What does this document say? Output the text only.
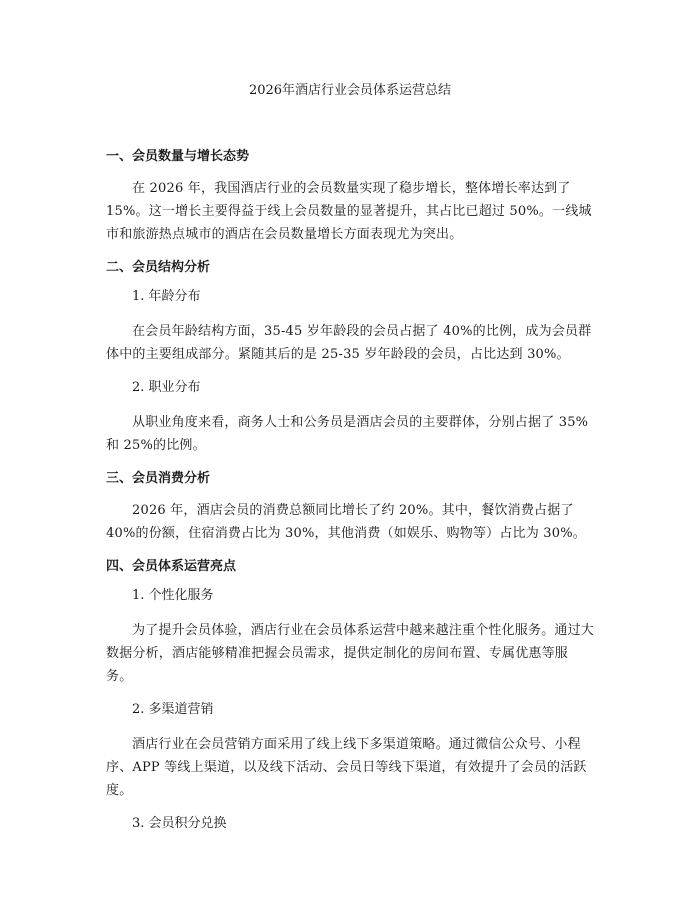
2026年酒店行业会员体系运营总结
一、会员数量与增长态势

在 2026 年，我国酒店行业的会员数量实现了稳步增长，整体增长率达到了 15%。这一增长主要得益于线上会员数量的显著提升，其占比已超过 50%。一线城市和旅游热点城市的酒店在会员数量增长方面表现尤为突出。

二、会员结构分析
1. 年龄分布

在会员年龄结构方面，35-45 岁年龄段的会员占据了 40%的比例，成为会员群体中的主要组成部分。紧随其后的是 25-35 岁年龄段的会员，占比达到 30%。

2. 职业分布

从职业角度来看，商务人士和公务员是酒店会员的主要群体，分别占据了 35%和 25%的比例。

三、会员消费分析

2026 年，酒店会员的消费总额同比增长了约 20%。其中，餐饮消费占据了 40%的份额，住宿消费占比为 30%，其他消费（如娱乐、购物等）占比为 30%。

四、会员体系运营亮点
1. 个性化服务

为了提升会员体验，酒店行业在会员体系运营中越来越注重个性化服务。通过大数据分析，酒店能够精准把握会员需求，提供定制化的房间布置、专属优惠等服务。

2. 多渠道营销

酒店行业在会员营销方面采用了线上线下多渠道策略。通过微信公众号、小程序、APP 等线上渠道，以及线下活动、会员日等线下渠道，有效提升了会员的活跃度。

3. 会员积分兑换
